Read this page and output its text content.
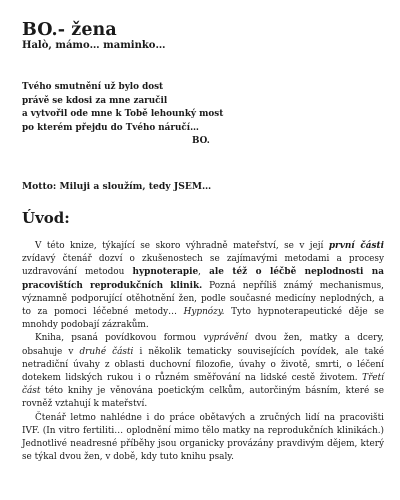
BO.- žena
Halò, mámo… maminko…
Tvého smutnění už bylo dost
právě se kdosi za mne zaručil
a vytvořil ode mne k Tobě lehounký most
po kterém přejdu do Tvého náručí…
BO.
Motto: Miluji a sloužím, tedy JSEM…
Úvod:

V této knize, týkající se skoro výhradně mateřství, se v její první části zvídavý čtenář dozví o zkušenostech se zajímavými metodami a procesy uzdravování metodou hypnoterapie, ale též o léčbě neplodnosti na pracovištích reprodukčních klinik. Pozná nepříliš známý mechanismus, významně podporující otěhotnění žen, podle současné medicíny neplodných, a to za pomoci léčebné metody… Hypnózy. Tyto hypnoterapeutické děje se mnohdy podobají zázrakům.

Kniha, psaná povídkovou formou vyprávění dvou žen, matky a dcery, obsahuje v druhé části i několik tematicky souvisejících povídek, ale také netradiční úvahy z oblasti duchovní filozofie, úvahy o životě, smrti, o léčení dotekem lidských rukou i o různém směřování na lidské cestě životem. Třetí část této knihy je věnována poetickým celkům, autorčiným básním, které se rovněž vztahují k mateřství.

Čtenář letmo nahlédne i do práce obětavých a zručných lidí na pracovišti IVF. (In vitro fertiliti… oplodnění mimo tělo matky na reprodukčních klinikách.) Jednotlivé neadresné příběhy jsou organicky provázány pravdivým dějem, který se týkal dvou žen, v době, kdy tuto knihu psaly.
